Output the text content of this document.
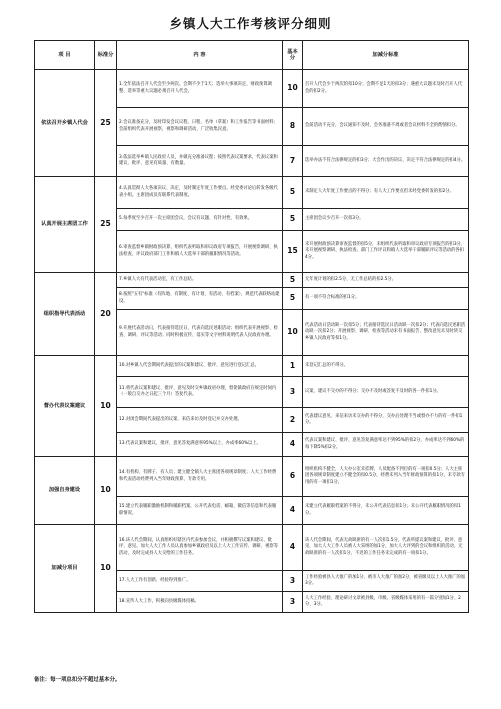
乡镇人大工作考核评分细则
项 目	标准分	内 容	基本分	加减分标准
依法召开乡镇人代会	25	1.全年依法召开人代会至少两次。会期不少于1天；选举大事项决定、财政预算调整、选举等重大议题必须召开人代会。	10	召开人代会少于两次的扣10分；会期不足1天的扣3分；遇重大议题未及时召开人代会的扣2分。
		2.会议准备充分，及时印发会议议程、日程、名单（草案）和工作报告等书面材料；会前组织代表开展视察，视察和调研活动，广泛收集民意。	8	会前活动不充分，会议通知不及时，会务准备不周或者会议材料不全的酌情扣分。
		3.依法选举乡镇人民政府人员，并做充分准备议程；按照代表议案要求，代表议案和建议、批评、意见有质量、有数量。	7	选举办法不符合法律规定的扣3分；大会作出的决议、决定不符合法律规定的扣4分。
认真开展主席团工作	25	4.认真贯彻人大各项决议、决定，及时制定年度工作要点。经党委讨论后转发各级代表小组。主席团成员有联系代表制度。	5	未制定人大年度工作要点的不得分；有人大工作要点但未经党委转发的扣2分。
		5.每季度至少召开一次主席团会议，会议有议题、有针对性、有效果。	5	主席团会议少召开一次扣3分。
		6.审查监督乡镇财政预决算，组织代表听取和审议政府专项报告，开展视察调研、执法检查、评议政府部门工作和镇人大选举干部的履职情况等活动。	15	未开展财政预决算审查监督的扣5分，未组织代表听取和审议政府专项报告的扣3分，未开展视察调研、执法检查、部门工作评议和镇人大选举干部履职评议等活动的各扣4分。
组织指导代表活动	20	7.乡镇人大有代表活动室，有工作总结。	5	无年度计划的扣2.5分，无工作总结的扣2.5分。
		8.按照"五有"标准（有阵地、有制度、有计划、有活动、有档案），规范代表联络站建设。	5	有一项不符合标准的扣1分。
		9.开展代表活动日，代表接待选民日，代表向选民述职活动；组织代表开展视察、检查、调研、评议等活动；同时积极宣传、落实等文字材料说明代表人民政府办理。	10	代表活动日活动缺一次扣5分；代表接待选民日活动缺一次扣2分；代表向选民述职活动缺一次扣2分；开展视察、调研、检查等活动未有书面报告，整改意见未及时转交乡镇人民政府等扣1分。
督办代表议案建议	10	10.对乡镇人代会期间代表提出的议案和建议、批评、意见进行登记汇总。	1	未登记汇总的不得分。
		11.将代表议案和建议、批评、意见及时交乡镇政府办理，督促镇政府在规定时间内（一般自交办之日起三个月）答复代表。	3	议案、建议不交办的不得分；交办不及时或答复不及时的各一件扣1分。
		12.对闭会期间代表提出的议案、来信来访及时登记并交办处理。	2	代表建议意见、来信来访未交办的不得分，交办后处理不当或督办不力的有一件扣1分。
		13.代表议案和建议、批评、意见答复满意率95%以上，办成率60%以上。	4	代表议案和建议、批评、意见答复满意率达不到95%的扣2分，办成率达不到60%的每下降5%扣2分。
加强自身建设	10	14.有机构、有牌子、有人员；建立健全镇人大主席团各项规章制度；人大工作经费和代表活动经费列入当年财政预算，专款专用。	6	组织机构不健全，人大办公室未挂牌，人员配备不到位的有一项扣0.5分；人大主席团各项规章制度建立不健全的扣0.5分，经费未列入当年财政预算的扣1分，未专款专用的有一项扣1分。
		15.建立代表履职激励机制和履职档案，公开代表电话、邮箱、微信等信息和代表履职情况。	4	未建立代表履职档案的不得分，未公开代表信息扣1分；未公开代表履职情况的扣1分。
加减分项目	10	16.该人代会期间，认真组织好辖区内代表参加会议，并积极撰写议案和建议、批评、意见。加大人大工作人员认真参加乡镇政府及以上人大工作宣传、调研、视察等活动，及时完成县人大交给的工作任务。	4	该人代会期间，代表无故缺席的有一人次扣1.5分，代表所提议案和建议、批评、意见，加大人大工作人员被人大采纳的加1分，加大人大评到的会议和组织的活动，无故缺席的有一人次扣1分，不迟的工作任务未完成的有一项扣1分。
		17.人大工作有创新，经验得到推广。	3	工作经验被县人大推广的加1分，被市人大推广的加2分，被省级及以上人大推广的加3分。
		18.宣传人大工作，积极向县级媒体投稿。	3	人大工作经验、理论研讨文章被县级、市级、省级媒体采用的有一篇分别加1分、2分、3分。
备注：每一项总扣分不超过基本分。
